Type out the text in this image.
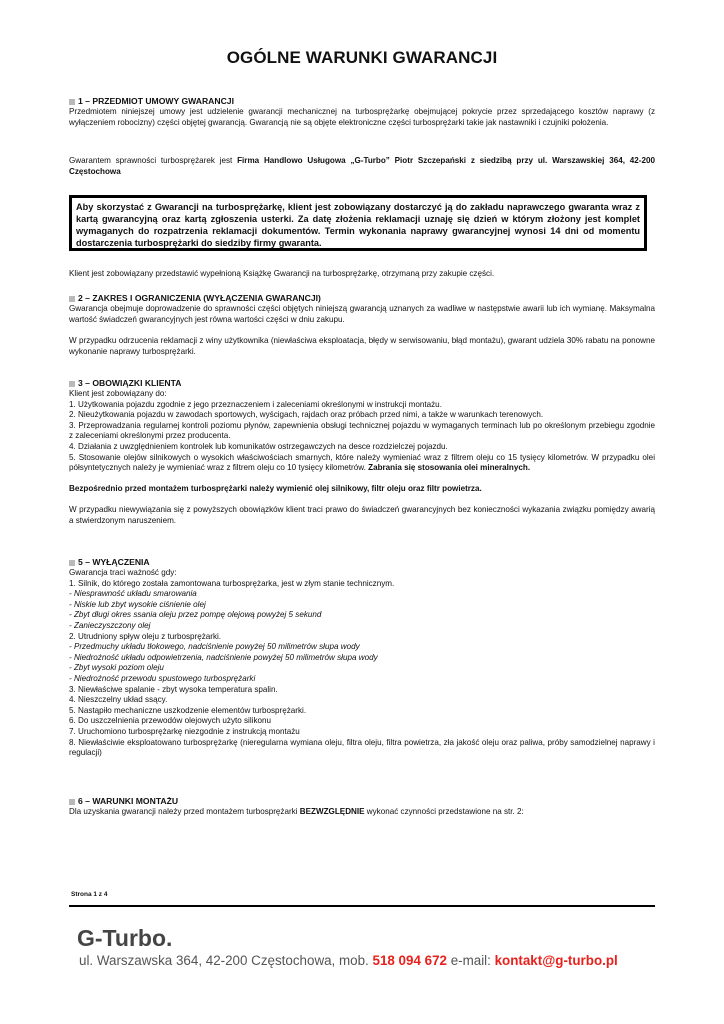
OGÓLNE WARUNKI GWARANCJI
1 – PRZEDMIOT UMOWY GWARANCJI
Przedmiotem niniejszej umowy jest udzielenie gwarancji mechanicznej na turbosprężarkę obejmującej pokrycie przez sprzedającego kosztów naprawy (z wyłączeniem robocizny) części objętej gwarancją. Gwarancją nie są objęte elektroniczne części turbosprężarki takie jak nastawniki i czujniki położenia.
Gwarantem sprawności turbosprężarek jest Firma Handlowo Usługowa „G-Turbo” Piotr Szczepański z siedzibą przy ul. Warszawskiej 364, 42-200 Częstochowa
Aby skorzystać z Gwarancji na turbosprężarkę, klient jest zobowiązany dostarczyć ją do zakładu naprawczego gwaranta wraz z kartą gwarancyjną oraz kartą zgłoszenia usterki. Za datę złożenia reklamacji uznaję się dzień w którym złożony jest komplet wymaganych do rozpatrzenia reklamacji dokumentów. Termin wykonania naprawy gwarancyjnej wynosi 14 dni od momentu dostarczenia turbosprężarki do siedziby firmy gwaranta.
Klient jest zobowiązany przedstawić wypełnioną Książkę Gwarancji na turbosprężarkę, otrzymaną przy zakupie części.
2 – ZAKRES I OGRANICZENIA (WYŁĄCZENIA GWARANCJI)
Gwarancja obejmuje doprowadzenie do sprawności części objętych niniejszą gwarancją uznanych za wadliwe w następstwie awarii lub ich wymianę. Maksymalna wartość świadczeń gwarancyjnych jest równa wartości części w dniu zakupu.
W przypadku odrzucenia reklamacji z winy użytkownika (niewłaściwa eksploatacja, błędy w serwisowaniu, błąd montażu), gwarant udziela 30% rabatu na ponowne wykonanie naprawy turbosprężarki.
3 – OBOWIĄZKI KLIENTA
Klient jest zobowiązany do:
1. Użytkowania pojazdu zgodnie z jego przeznaczeniem i zaleceniami określonymi w instrukcji montażu.
2. Nieużytkowania pojazdu w zawodach sportowych, wyścigach, rajdach oraz próbach przed nimi, a także w warunkach terenowych.
3. Przeprowadzania regularnej kontroli poziomu płynów, zapewnienia obsługi technicznej pojazdu w wymaganych terminach lub po określonym przebiegu zgodnie z zaleceniami określonymi przez producenta.
4. Działania z uwzględnieniem kontrolek lub komunikatów ostrzegawczych na desce rozdzielczej pojazdu.
5. Stosowanie olejów silnikowych o wysokich właściwościach smarnych, które należy wymieniać wraz z filtrem oleju co 15 tysięcy kilometrów. W przypadku olei półsyntetycznych należy je wymieniać wraz z filtrem oleju co 10 tysięcy kilometrów. Zabrania się stosowania olei mineralnych.
Bezpośrednio przed montażem turbosprężarki należy wymienić olej silnikowy, filtr oleju oraz filtr powietrza.
W przypadku niewywiązania się z powyższych obowiązków klient traci prawo do świadczeń gwarancyjnych bez konieczności wykazania związku pomiędzy awarią a stwierdzonym naruszeniem.
5 – WYŁĄCZENIA
Gwarancja traci ważność gdy:
1. Silnik, do którego została zamontowana turbosprężarka, jest w złym stanie technicznym.
- Niesprawność układu smarowania
- Niskie lub zbyt wysokie ciśnienie olej
- Zbyt długi okres ssania oleju przez pompę olejową powyżej 5 sekund
- Zanieczyszczony olej
2. Utrudniony spływ oleju z turbosprężarki.
- Przedmuchy układu tłokowego, nadciśnienie powyżej 50 milimetrów słupa wody
- Niedrożność układu odpowietrzenia, nadciśnienie powyżej 50 milimetrów słupa wody
- Zbyt wysoki poziom oleju
- Niedrożność przewodu spustowego turbosprężarki
3. Niewłaściwe spalanie - zbyt wysoka temperatura spalin.
4. Nieszczelny układ ssący.
5. Nastąpiło mechaniczne uszkodzenie elementów turbosprężarki.
6. Do uszczelnienia przewodów olejowych użyto silikonu
7. Uruchomiono turbosprężarkę niezgodnie z instrukcją montażu
8. Niewłaściwie eksploatowano turbosprężarkę (nieregularna wymiana oleju, filtra oleju, filtra powietrza, zła jakość oleju oraz paliwa, próby samodzielnej naprawy i regulacji)
6 – WARUNKI MONTAŻU
Dla uzyskania gwarancji należy przed montażem turbosprężarki BEZWZGLĘDNIE wykonać czynności przedstawione na str. 2:
Strona 1 z 4
G-Turbo.
ul. Warszawska 364, 42-200 Częstochowa, mob. 518 094 672 e-mail: kontakt@g-turbo.pl
